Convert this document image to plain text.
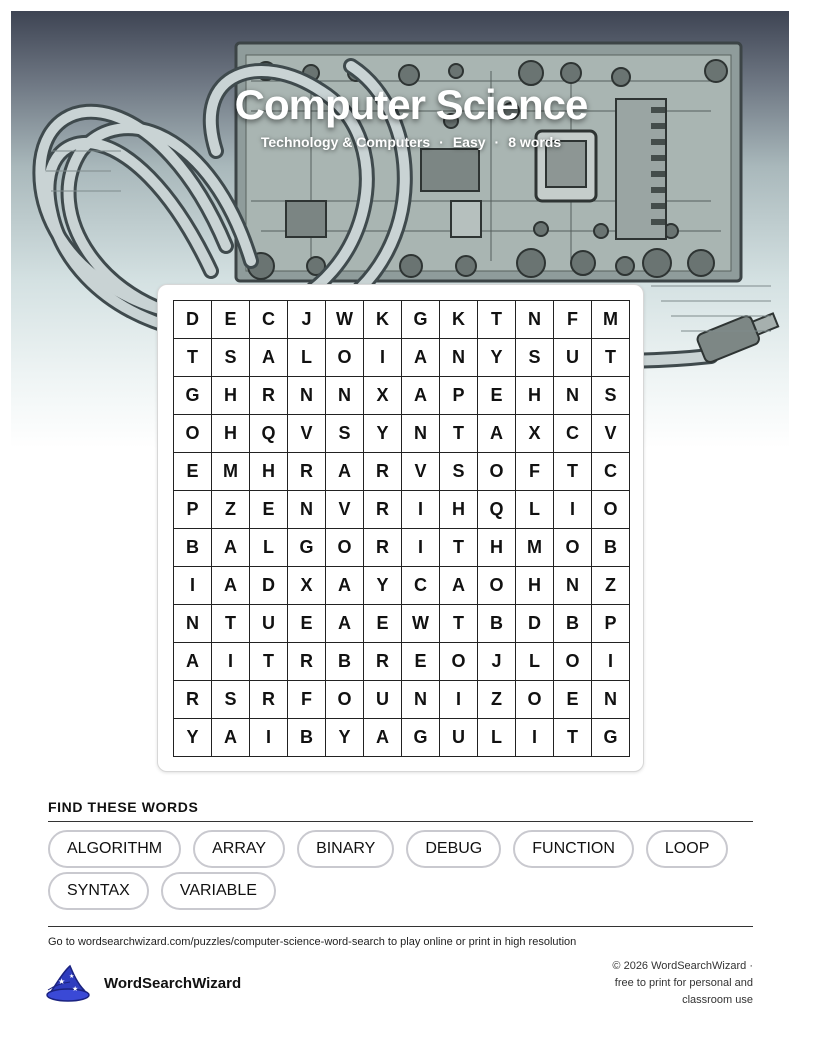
Computer Science
Technology & Computers · Easy · 8 words
D	E	C	J	W	K	G	K	T	N	F	M
T	S	A	L	O	I	A	N	Y	S	U	T
G	H	R	N	N	X	A	P	E	H	N	S
O	H	Q	V	S	Y	N	T	A	X	C	V
E	M	H	R	A	R	V	S	O	F	T	C
P	Z	E	N	V	R	I	H	Q	L	I	O
B	A	L	G	O	R	I	T	H	M	O	B
I	A	D	X	A	Y	C	A	O	H	N	Z
N	T	U	E	A	E	W	T	B	D	B	P
A	I	T	R	B	R	E	O	J	L	O	I
R	S	R	F	O	U	N	I	Z	O	E	N
Y	A	I	B	Y	A	G	U	L	I	T	G
FIND THESE WORDS
ALGORITHM	ARRAY	BINARY	DEBUG	FUNCTION	LOOP
SYNTAX	VARIABLE
Go to wordsearchwizard.com/puzzles/computer-science-word-search to play online or print in high resolution
★
★
★ WordSearchWizard
© 2026 WordSearchWizard ·
free to print for personal and
classroom use
